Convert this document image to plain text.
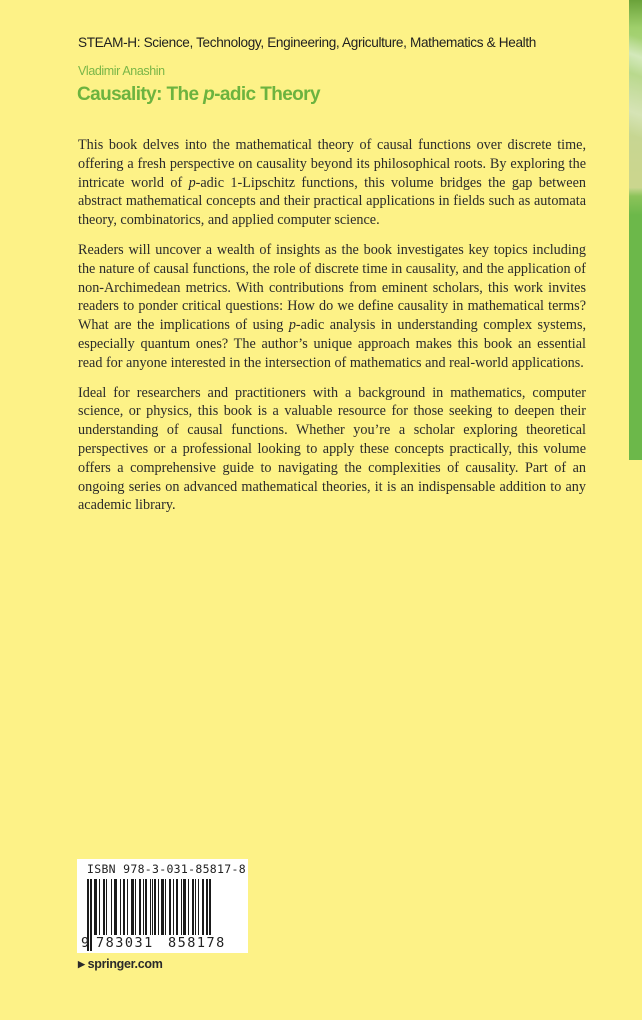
STEAM-H: Science, Technology, Engineering, Agriculture, Mathematics & Health
Vladimir Anashin
Causality: The p-adic Theory

This book delves into the mathematical theory of causal functions over discrete time, offering a fresh perspective on causality beyond its philosophical roots. By exploring the intricate world of p-adic 1-Lipschitz functions, this volume bridges the gap between abstract mathematical concepts and their practical applications in fields such as automata theory, combinatorics, and applied computer science.

Readers will uncover a wealth of insights as the book investigates key topics including the nature of causal functions, the role of discrete time in causality, and the application of non-Archimedean metrics. With contributions from eminent scholars, this work invites readers to ponder critical questions: How do we define causality in mathematical terms? What are the implications of using p-adic analysis in understanding complex systems, especially quantum ones? The author’s unique approach makes this book an essential read for anyone interested in the intersection of mathematics and real-world applications.

Ideal for researchers and practitioners with a background in mathematics, computer science, or physics, this book is a valuable resource for those seeking to deepen their understanding of causal functions. Whether you’re a scholar exploring theoretical perspectives or a professional looking to apply these concepts practically, this volume offers a comprehensive guide to navigating the complexities of causality. Part of an ongoing series on advanced mathematical theories, it is an indispensable addition to any academic library.

ISBN 978-3-031-85817-8
9 783031 858178
▶ springer.com
